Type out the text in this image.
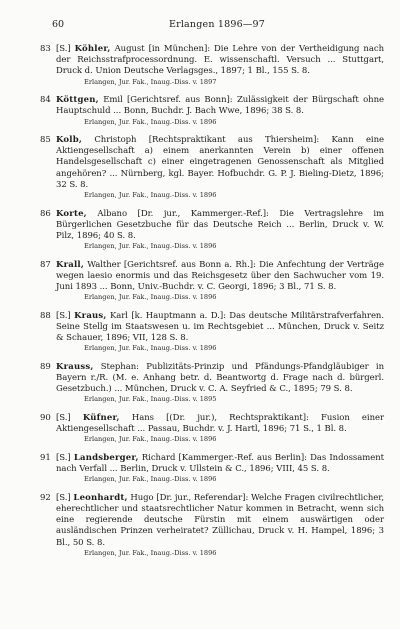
60	Erlangen 1896—97
83 [S.] Köhler, August [in München]: Die Lehre von der Vertheidigung nach der Reichsstrafprocessordnung. E. wissenschaftl. Versuch ... Stuttgart, Druck d. Union Deutsche Verlagsges., 1897; 1 Bl., 155 S. 8.
Erlangen, Jur. Fak., Inaug.-Diss. v. 1897
84 Köttgen, Emil [Gerichtsref. aus Bonn]: Zulässigkeit der Bürgschaft ohne Hauptschuld ... Bonn, Buchdr. J. Bach Wwe, 1896; 38 S. 8.
Erlangen, Jur. Fak., Inaug.-Diss. v. 1896
85 Kolb, Christoph [Rechtspraktikant aus Thiersheim]: Kann eine Aktiengesellschaft a) einem anerkannten Verein b) einer offenen Handelsgesellschaft c) einer eingetragenen Genossenschaft als Mitglied angehören? ... Nürnberg, kgl. Bayer. Hofbuchdr. G. P. J. Bieling-Dietz, 1896; 32 S. 8.
Erlangen, Jur. Fak., Inaug.-Diss. v. 1896
86 Korte, Albano [Dr. jur., Kammerger.-Ref.]: Die Vertragslehre im Bürgerlichen Gesetzbuche für das Deutsche Reich ... Berlin, Druck v. W. Pilz, 1896; 40 S. 8.
Erlangen, Jur. Fak., Inaug.-Diss. v. 1896
87 Krall, Walther [Gerichtsref. aus Bonn a. Rh.]: Die Anfechtung der Verträge wegen laesio enormis und das Reichsgesetz über den Sachwucher vom 19. Juni 1893 ... Bonn, Univ.-Buchdr. v. C. Georgi, 1896; 3 Bl., 71 S. 8.
Erlangen, Jur. Fak., Inaug.-Diss. v. 1896
88 [S.] Kraus, Karl [k. Hauptmann a. D.]: Das deutsche Militärstrafverfahren. Seine Stellg im Staatswesen u. im Rechtsgebiet ... München, Druck v. Seitz & Schauer, 1896; VII, 128 S. 8.
Erlangen, Jur. Fak., Inaug.-Diss. v. 1896
89 Krauss, Stephan: Publizitäts-Prinzip und Pfändungs-Pfandgläubiger in Bayern r./R. (M. e. Anhang betr. d. Beantwortg d. Frage nach d. bürgerl. Gesetzbuch.) ... München, Druck v. C. A. Seyfried & C., 1895; 79 S. 8.
Erlangen, Jur. Fak., Inaug.-Diss. v. 1895
90 [S.] Küfner, Hans [(Dr. jur.), Rechtspraktikant]: Fusion einer Aktiengesellschaft ... Passau, Buchdr. v. J. Hartl, 1896; 71 S., 1 Bl. 8.
Erlangen, Jur. Fak., Inaug.-Diss. v. 1896
91 [S.] Landsberger, Richard [Kammerger.-Ref. aus Berlin]: Das Indossament nach Verfall ... Berlin, Druck v. Ullstein & C., 1896; VIII, 45 S. 8.
Erlangen, Jur. Fak., Inaug.-Diss. v. 1896
92 [S.] Leonhardt, Hugo [Dr. jur., Referendar]: Welche Fragen civilrechtlicher, eherechtlicher und staatsrechtlicher Natur kommen in Betracht, wenn sich eine regierende deutsche Fürstin mit einem auswärtigen oder ausländischen Prinzen verheiratet? Züllichau, Druck v. H. Hampel, 1896; 3 Bl., 50 S. 8.
Erlangen, Jur. Fak., Inaug.-Diss. v. 1896
